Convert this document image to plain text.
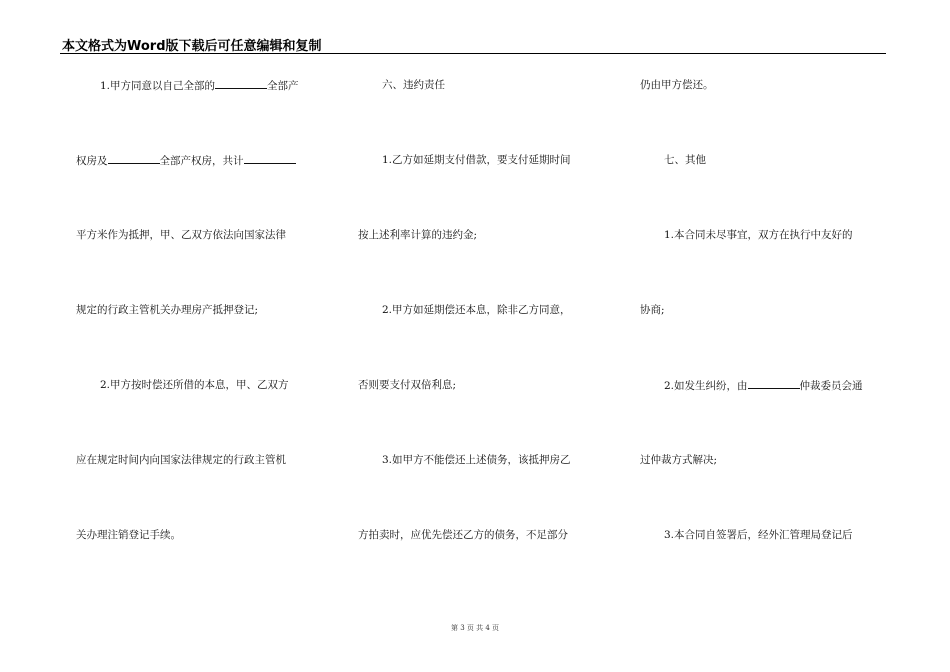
本文格式为Word版下载后可任意编辑和复制
1.甲方同意以自己全部的	全部产
权房及	全部产权房，共计
平方米作为抵押，甲、乙双方依法向国家法律
规定的行政主管机关办理房产抵押登记;
2.甲方按时偿还所借的本息，甲、乙双方
应在规定时间内向国家法律规定的行政主管机
关办理注销登记手续。
六、违约责任
1.乙方如延期支付借款，要支付延期时间
按上述利率计算的违约金;
2.甲方如延期偿还本息，除非乙方同意，
否则要支付双倍利息;
3.如甲方不能偿还上述债务，该抵押房乙
方拍卖时，应优先偿还乙方的债务，不足部分
仍由甲方偿还。
七、其他
1.本合同未尽事宜，双方在执行中友好的
协商;
2.如发生纠纷，由	仲裁委员会通
过仲裁方式解决;
3.本合同自签署后，经外汇管理局登记后
第 3 页 共 4 页
